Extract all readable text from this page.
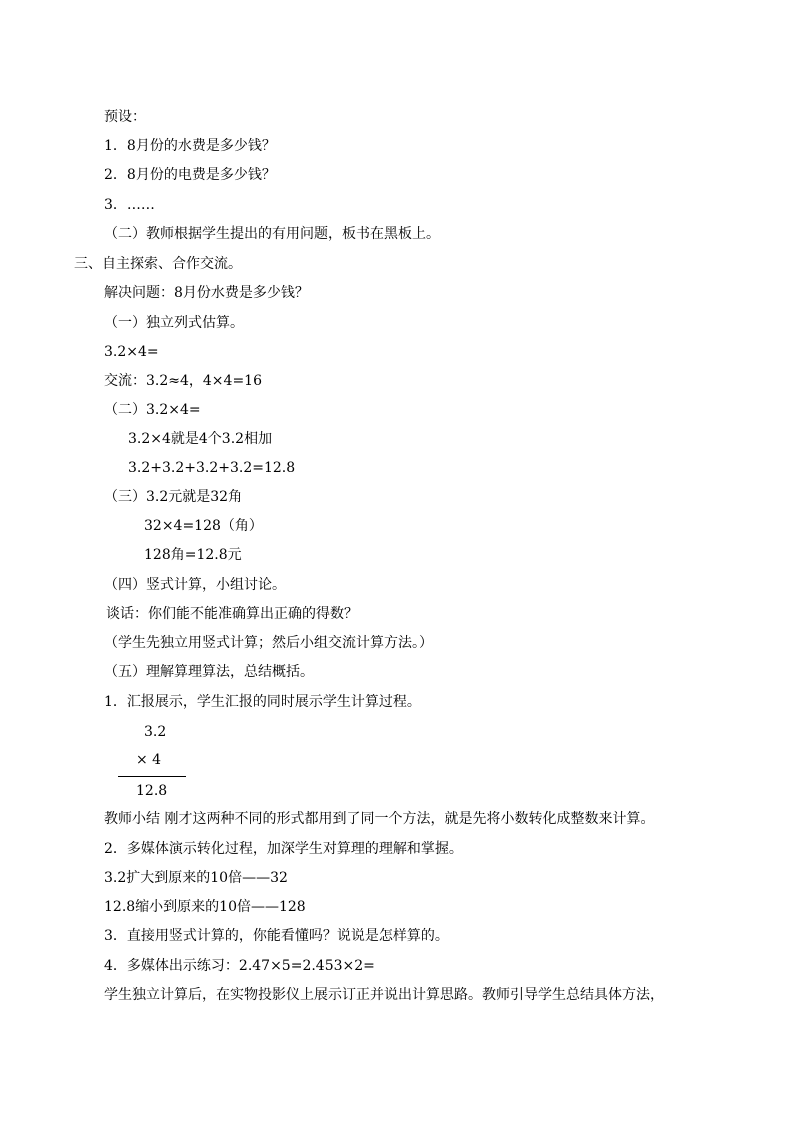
预设：
1．8月份的水费是多少钱？
2．8月份的电费是多少钱？
3．……
（二）教师根据学生提出的有用问题，板书在黑板上。
三、自主探索、合作交流。
解决问题：8月份水费是多少钱？
（一）独立列式估算。
3.2×4=
交流：3.2≈4，4×4=16
（二）3.2×4=
3.2×4就是4个3.2相加
3.2+3.2+3.2+3.2=12.8
（三）3.2元就是32角
32×4=128（角）
128角=12.8元
（四）竖式计算，小组讨论。
谈话：你们能不能准确算出正确的得数？
（学生先独立用竖式计算；然后小组交流计算方法。）
（五）理解算理算法，总结概括。
1．汇报展示，学生汇报的同时展示学生计算过程。
3.2
× 4
12.8
教师小结 刚才这两种不同的形式都用到了同一个方法，就是先将小数转化成整数来计算。
2．多媒体演示转化过程，加深学生对算理的理解和掌握。
3.2扩大到原来的10倍——32
12.8缩小到原来的10倍——128
3．直接用竖式计算的，你能看懂吗？说说是怎样算的。
4．多媒体出示练习：2.47×5=2.453×2=
学生独立计算后，在实物投影仪上展示订正并说出计算思路。教师引导学生总结具体方法，
